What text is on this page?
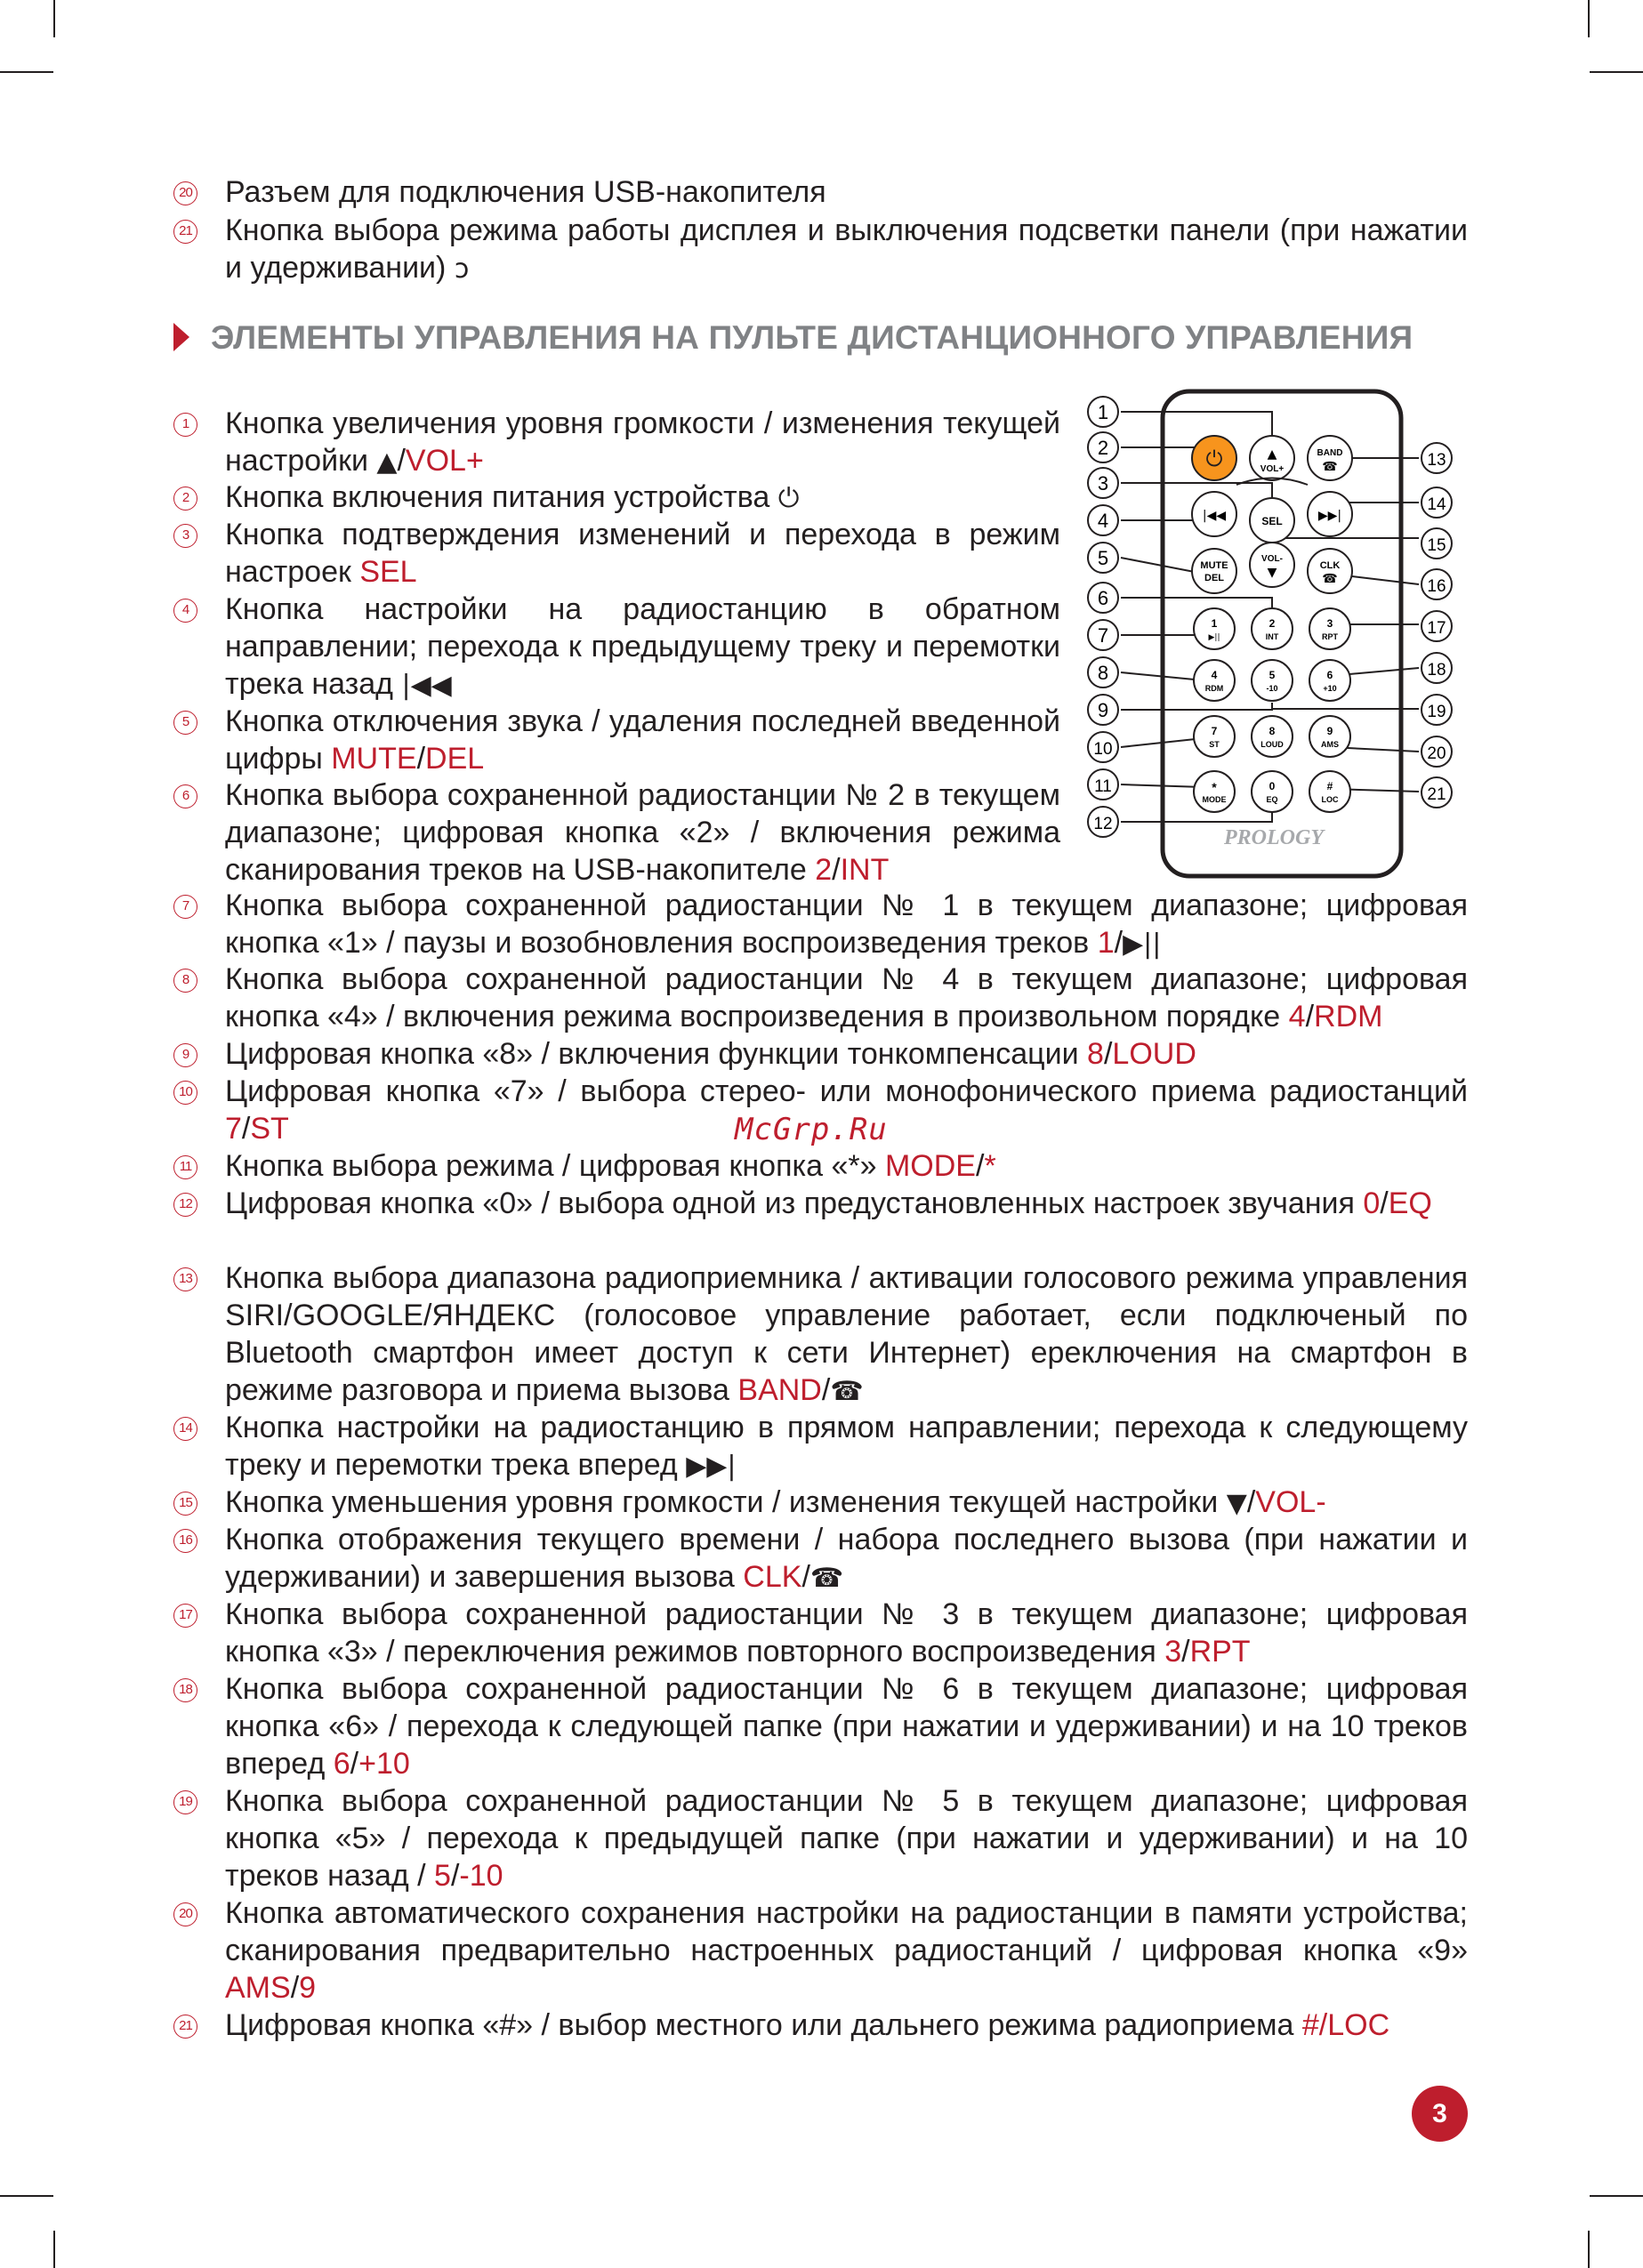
20 Разъем для подключения USB-накопителя
21 Кнопка выбора режима работы дисплея и выключения подсветки панели (при нажатии и удерживании) ↄ
ЭЛЕМЕНТЫ УПРАВЛЕНИЯ НА ПУЛЬТЕ ДИСТАНЦИОННОГО УПРАВЛЕНИЯ
1
2
3
4
5
6
7
8
9
10
11
12
13
14
15
16
17
18
19
20
21
⏻	▲
VOL+
BAND
☎
|◀◀	SEL	▶▶|
MUTE
DEL
VOL-
▼	CLK
☎
1
▶||
2
INT
3
RPT
4
RDM
5
-10
6
+10
7
ST
8
LOUD
9
AMS
*
MODE
0
EQ
#
LOC
PROLOGY
1 Кнопка увеличения уровня громкости / изменения текущей настройки ▲/VOL+
2 Кнопка включения питания устройства ⏻
3 Кнопка подтверждения изменений и перехода в режим настроек SEL
4 Кнопка настройки на радиостанцию в обратном направлении; перехода к предыдущему треку и перемотки трека назад |◀◀
5 Кнопка отключения звука / удаления последней введенной цифры MUTE/DEL
6 Кнопка выбора сохраненной радиостанции № 2 в текущем диапазоне; цифровая кнопка «2» / включения режима сканирования треков на USB-накопителе 2/INT
7 Кнопка выбора сохраненной радиостанции № 1 в текущем диапазоне; цифровая кнопка «1» / паузы и возобновления воспроизведения треков 1/▶||
8 Кнопка выбора сохраненной радиостанции № 4 в текущем диапазоне; цифровая кнопка «4» / включения режима воспроизведения в произвольном порядке 4/RDM
9 Цифровая кнопка «8» / включения функции тонкомпенсации 8/LOUD
10 Цифровая кнопка «7» / выбора стерео- или монофонического приема радиостанций 7/ST
11 Кнопка выбора режима / цифровая кнопка «*» MODE/*
12 Цифровая кнопка «0» / выбора одной из предустановленных настроек звучания 0/EQ
13 Кнопка выбора диапазона радиоприемника / активации голосового режима управления SIRI/GOOGLE/ЯНДЕКС (голосовое управление работает, если подключеный по Bluetooth смартфон имеет доступ к сети Интернет) ереключения на смартфон в режиме разговора и приема вызова BAND/☎
14 Кнопка настройки на радиостанцию в прямом направлении; перехода к следующему треку и перемотки трека вперед ▶▶|
15 Кнопка уменьшения уровня громкости / изменения текущей настройки ▼/VOL-
16 Кнопка отображения текущего времени / набора последнего вызова (при нажатии и удерживании) и завершения вызова CLK/☎
17 Кнопка выбора сохраненной радиостанции № 3 в текущем диапазоне; цифровая кнопка «3» / переключения режимов повторного воспроизведения 3/RPT
18 Кнопка выбора сохраненной радиостанции № 6 в текущем диапазоне; цифровая кнопка «6» / перехода к следующей папке (при нажатии и удерживании) и на 10 треков вперед 6/+10
19 Кнопка выбора сохраненной радиостанции № 5 в текущем диапазоне; цифровая кнопка «5» / перехода к предыдущей папке (при нажатии и удерживании) и на 10 треков назад / 5/-10
20 Кнопка автоматического сохранения настройки на радиостанции в памяти устройства; сканирования предварительно настроенных радиостанций / цифровая кнопка «9» AMS/9
21 Цифровая кнопка «#» / выбор местного или дальнего режима радиоприема #/LOC
McGrp.Ru
3
